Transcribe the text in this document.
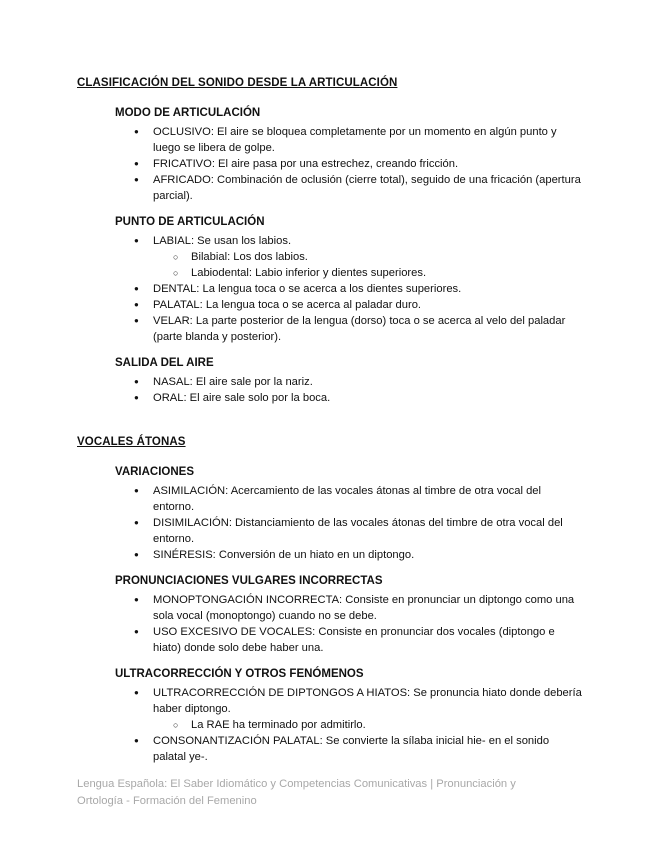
CLASIFICACIÓN DEL SONIDO DESDE LA ARTICULACIÓN
MODO DE ARTICULACIÓN
● OCLUSIVO: El aire se bloquea completamente por un momento en algún punto y luego se libera de golpe.
● FRICATIVO: El aire pasa por una estrechez, creando fricción.
● AFRICADO: Combinación de oclusión (cierre total), seguido de una fricación (apertura parcial).
PUNTO DE ARTICULACIÓN
● LABIAL: Se usan los labios.
○ Bilabial: Los dos labios.
○ Labiodental: Labio inferior y dientes superiores.
● DENTAL: La lengua toca o se acerca a los dientes superiores.
● PALATAL: La lengua toca o se acerca al paladar duro.
● VELAR: La parte posterior de la lengua (dorso) toca o se acerca al velo del paladar (parte blanda y posterior).
SALIDA DEL AIRE
● NASAL: El aire sale por la nariz.
● ORAL: El aire sale solo por la boca.
VOCALES ÁTONAS
VARIACIONES
● ASIMILACIÓN: Acercamiento de las vocales átonas al timbre de otra vocal del entorno.
● DISIMILACIÓN: Distanciamiento de las vocales átonas del timbre de otra vocal del entorno.
● SINÉRESIS: Conversión de un hiato en un diptongo.
PRONUNCIACIONES VULGARES INCORRECTAS
● MONOPTONGACIÓN INCORRECTA: Consiste en pronunciar un diptongo como una sola vocal (monoptongo) cuando no se debe.
● USO EXCESIVO DE VOCALES: Consiste en pronunciar dos vocales (diptongo e hiato) donde solo debe haber una.
ULTRACORRECCIÓN Y OTROS FENÓMENOS
● ULTRACORRECCIÓN DE DIPTONGOS A HIATOS: Se pronuncia hiato donde debería haber diptongo.
○ La RAE ha terminado por admitirlo.
● CONSONANTIZACIÓN PALATAL: Se convierte la sílaba inicial hie- en el sonido palatal ye-.
Lengua Española: El Saber Idiomático y Competencias Comunicativas | Pronunciación y Ortología - Formación del Femenino
